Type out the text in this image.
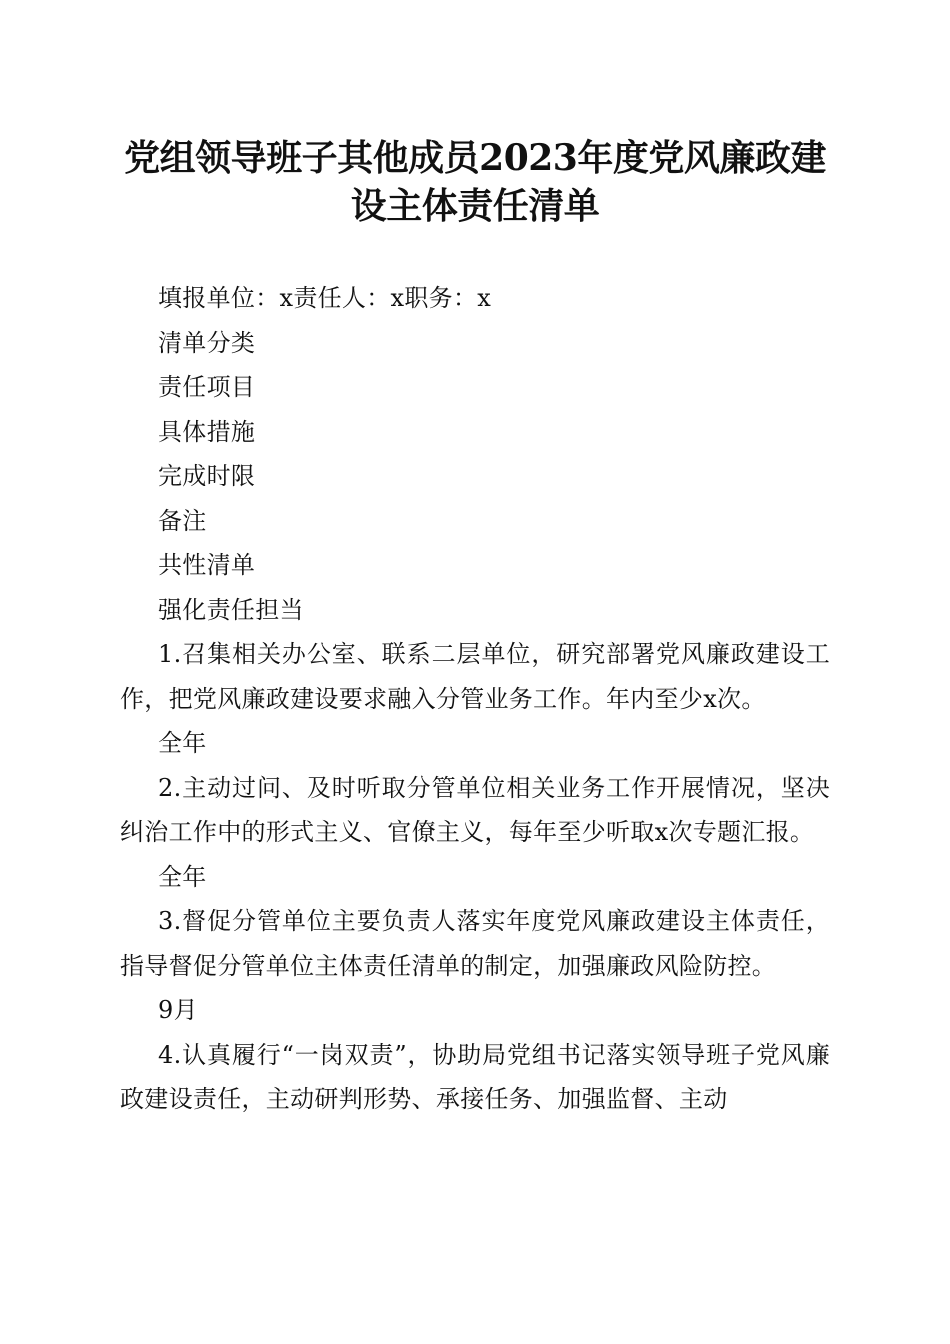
党组领导班子其他成员2023年度党风廉政建
设主体责任清单

填报单位：x责任人：x职务：x

清单分类

责任项目

具体措施

完成时限

备注

共性清单

强化责任担当

1.召集相关办公室、联系二层单位，研究部署党风廉政建设工作，把党风廉政建设要求融入分管业务工作。年内至少x次。

全年

2.主动过问、及时听取分管单位相关业务工作开展情况，坚决纠治工作中的形式主义、官僚主义，每年至少听取x次专题汇报。

全年

3.督促分管单位主要负责人落实年度党风廉政建设主体责任，指导督促分管单位主体责任清单的制定，加强廉政风险防控。

9月

4.认真履行“一岗双责”，协助局党组书记落实领导班子党风廉政建设责任，主动研判形势、承接任务、加强监督、主动
